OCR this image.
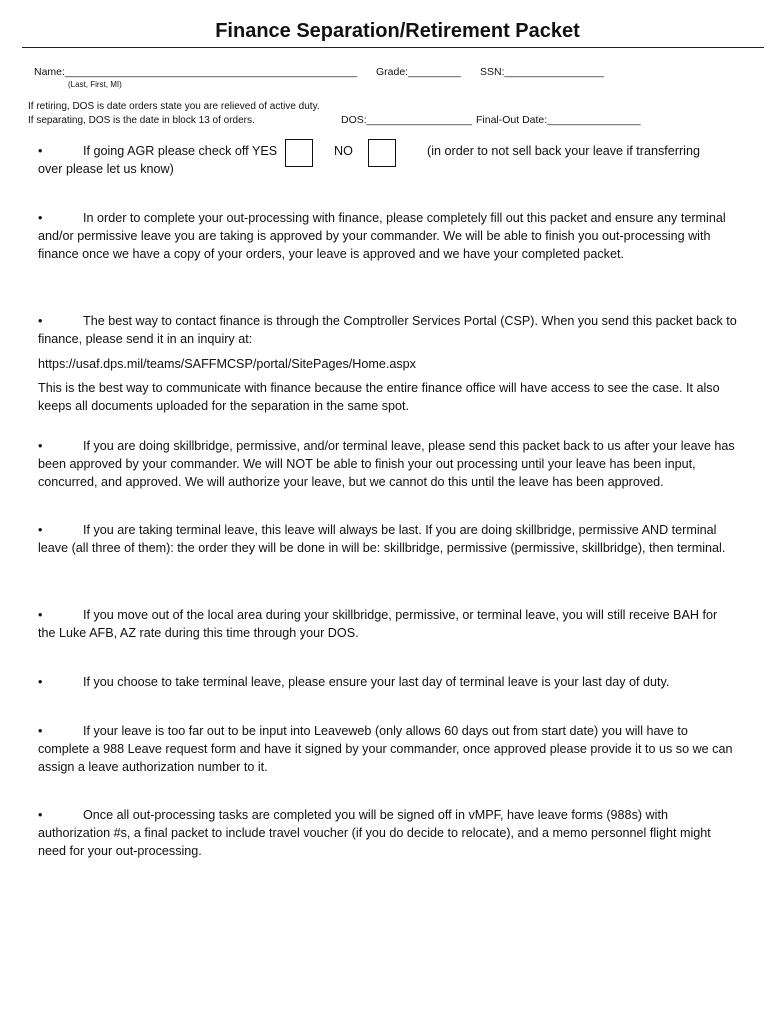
Finance Separation/Retirement Packet
Name:__________________________________________________
(Last, First, MI)
Grade:_________ SSN:_________________
If retiring, DOS is date orders state you are relieved of active duty.
If separating, DOS is the date in block 13 of orders.	DOS:__________________ Final-Out Date:________________
•	If going AGR please check off YES	NO	(in order to not sell back your leave if transferring
over please let us know)
•	In order to complete your out-processing with finance, please completely fill out this packet and ensure any terminal and/or permissive leave you are taking is approved by your commander. We will be able to finish you out-processing with finance once we have a copy of your orders, your leave is approved and we have your completed packet.
•	The best way to contact finance is through the Comptroller Services Portal (CSP). When you send this packet back to finance, please send it in an inquiry at:
https://usaf.dps.mil/teams/SAFFMCSP/portal/SitePages/Home.aspx
This is the best way to communicate with finance because the entire finance office will have access to see the case. It also keeps all documents uploaded for the separation in the same spot.
•	If you are doing skillbridge, permissive, and/or terminal leave, please send this packet back to us after your leave has been approved by your commander. We will NOT be able to finish your out processing until your leave has been input, concurred, and approved. We will authorize your leave, but we cannot do this until the leave has been approved.
•	If you are taking terminal leave, this leave will always be last. If you are doing skillbridge, permissive AND terminal leave (all three of them): the order they will be done in will be: skillbridge, permissive (permissive, skillbridge), then terminal.
•	If you move out of the local area during your skillbridge, permissive, or terminal leave, you will still receive BAH for the Luke AFB, AZ rate during this time through your DOS.
•	If you choose to take terminal leave, please ensure your last day of terminal leave is your last day of duty.
•	If your leave is too far out to be input into Leaveweb (only allows 60 days out from start date) you will have to complete a 988 Leave request form and have it signed by your commander, once approved please provide it to us so we can assign a leave authorization number to it.
•	Once all out-processing tasks are completed you will be signed off in vMPF, have leave forms (988s) with authorization #s, a final packet to include travel voucher (if you do decide to relocate), and a memo personnel flight might need for your out-processing.
